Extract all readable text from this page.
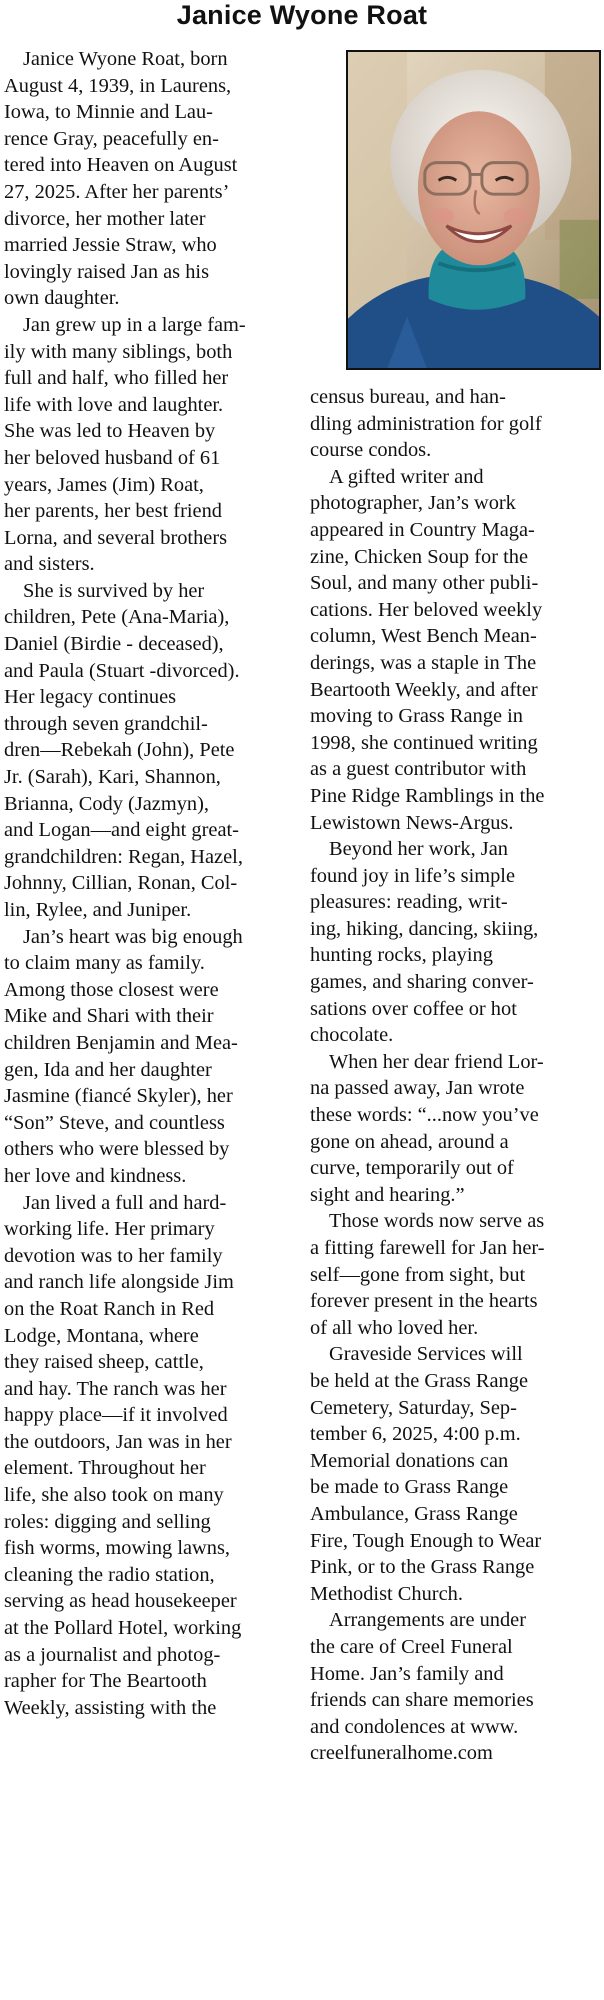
Janice Wyone Roat
Janice Wyone Roat, born
August 4, 1939, in Laurens,
Iowa, to Minnie and Lau-
rence Gray, peacefully en-
tered into Heaven on August
27, 2025. After her parents’
divorce, her mother later
married Jessie Straw, who
lovingly raised Jan as his
own daughter.
Jan grew up in a large fam-
ily with many siblings, both
full and half, who filled her
life with love and laughter.
She was led to Heaven by
her beloved husband of 61
years, James (Jim) Roat,
her parents, her best friend
Lorna, and several brothers
and sisters.
She is survived by her
children, Pete (Ana-Maria),
Daniel (Birdie - deceased),
and Paula (Stuart -divorced).
Her legacy continues
through seven grandchil-
dren—Rebekah (John), Pete
Jr. (Sarah), Kari, Shannon,
Brianna, Cody (Jazmyn),
and Logan—and eight great-
grandchildren: Regan, Hazel,
Johnny, Cillian, Ronan, Col-
lin, Rylee, and Juniper.
Jan’s heart was big enough
to claim many as family.
Among those closest were
Mike and Shari with their
children Benjamin and Mea-
gen, Ida and her daughter
Jasmine (fiancé Skyler), her
“Son” Steve, and countless
others who were blessed by
her love and kindness.
Jan lived a full and hard-
working life. Her primary
devotion was to her family
and ranch life alongside Jim
on the Roat Ranch in Red
Lodge, Montana, where
they raised sheep, cattle,
and hay. The ranch was her
happy place—if it involved
the outdoors, Jan was in her
element. Throughout her
life, she also took on many
roles: digging and selling
fish worms, mowing lawns,
cleaning the radio station,
serving as head housekeeper
at the Pollard Hotel, working
as a journalist and photog-
rapher for The Beartooth
Weekly, assisting with the
census bureau, and han-
dling administration for golf
course condos.
A gifted writer and
photographer, Jan’s work
appeared in Country Maga-
zine, Chicken Soup for the
Soul, and many other publi-
cations. Her beloved weekly
column, West Bench Mean-
derings, was a staple in The
Beartooth Weekly, and after
moving to Grass Range in
1998, she continued writing
as a guest contributor with
Pine Ridge Ramblings in the
Lewistown News-Argus.
Beyond her work, Jan
found joy in life’s simple
pleasures: reading, writ-
ing, hiking, dancing, skiing,
hunting rocks, playing
games, and sharing conver-
sations over coffee or hot
chocolate.
When her dear friend Lor-
na passed away, Jan wrote
these words: “...now you’ve
gone on ahead, around a
curve, temporarily out of
sight and hearing.”
Those words now serve as
a fitting farewell for Jan her-
self—gone from sight, but
forever present in the hearts
of all who loved her.
Graveside Services will
be held at the Grass Range
Cemetery, Saturday, Sep-
tember 6, 2025, 4:00 p.m.
Memorial donations can
be made to Grass Range
Ambulance, Grass Range
Fire, Tough Enough to Wear
Pink, or to the Grass Range
Methodist Church.
Arrangements are under
the care of Creel Funeral
Home. Jan’s family and
friends can share memories
and condolences at www.
creelfuneralhome.com
